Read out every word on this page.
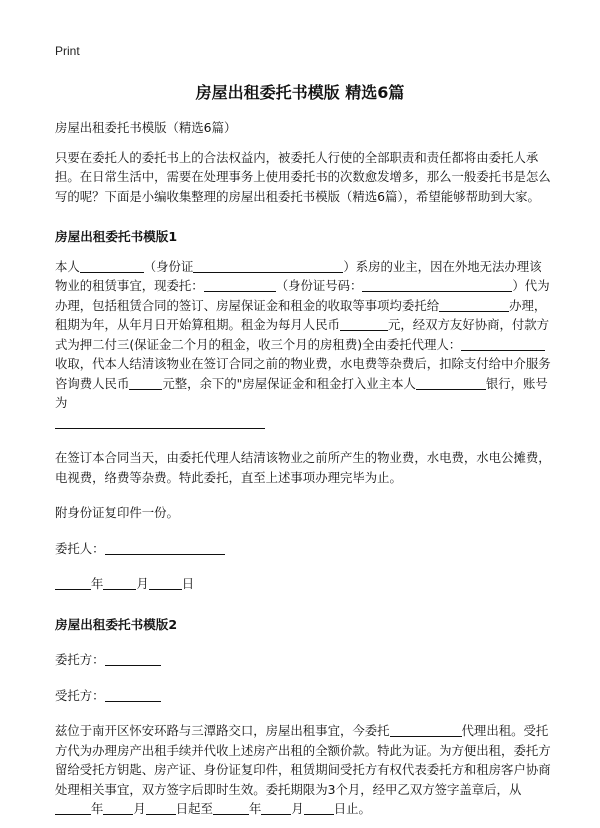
Print
房屋出租委托书模版 精选6篇

房屋出租委托书模版（精选6篇）

只要在委托人的委托书上的合法权益内，被委托人行使的全部职责和责任都将由委托人承担。在日常生活中，需要在处理事务上使用委托书的次数愈发增多，那么一般委托书是怎么写的呢？下面是小编收集整理的房屋出租委托书模版（精选6篇），希望能够帮助到大家。

房屋出租委托书模版1

本人	（身份证	）系房的业主，因在外地无法办理该物业的租赁事宜，现委托：	（身份证号码：	）代为办理，包括租赁合同的签订、房屋保证金和租金的收取等事项均委托给	办理，租期为年，从年月日开始算租期。租金为每月人民币	元，经双方友好协商，付款方式为押二付三(保证金二个月的租金，收三个月的房租费)全由委托代理人：收取，代本人结清该物业在签订合同之前的物业费，水电费等杂费后，扣除支付给中介服务咨询费人民币	元整，余下的"房屋保证金和租金打入业主本人	银行，账号为

在签订本合同当天，由委托代理人结清该物业之前所产生的物业费，水电费，水电公摊费，电视费，络费等杂费。特此委托，直至上述事项办理完毕为止。

附身份证复印件一份。

委托人：

年	月	日

房屋出租委托书模版2

委托方：

受托方：

兹位于南开区怀安环路与三潭路交口，房屋出租事宜，今委托	代理出租。受托方代为办理房产出租手续并代收上述房产出租的全额价款。特此为证。为方便出租，委托方留给受托方钥匙、房产证、身份证复印件，租赁期间受托方有权代表委托方和租房客户协商处理相关事宜，双方签字后即时生效。委托期限为3个月，经甲乙双方签字盖章后，从年 月 日起至	年 月 日止。
